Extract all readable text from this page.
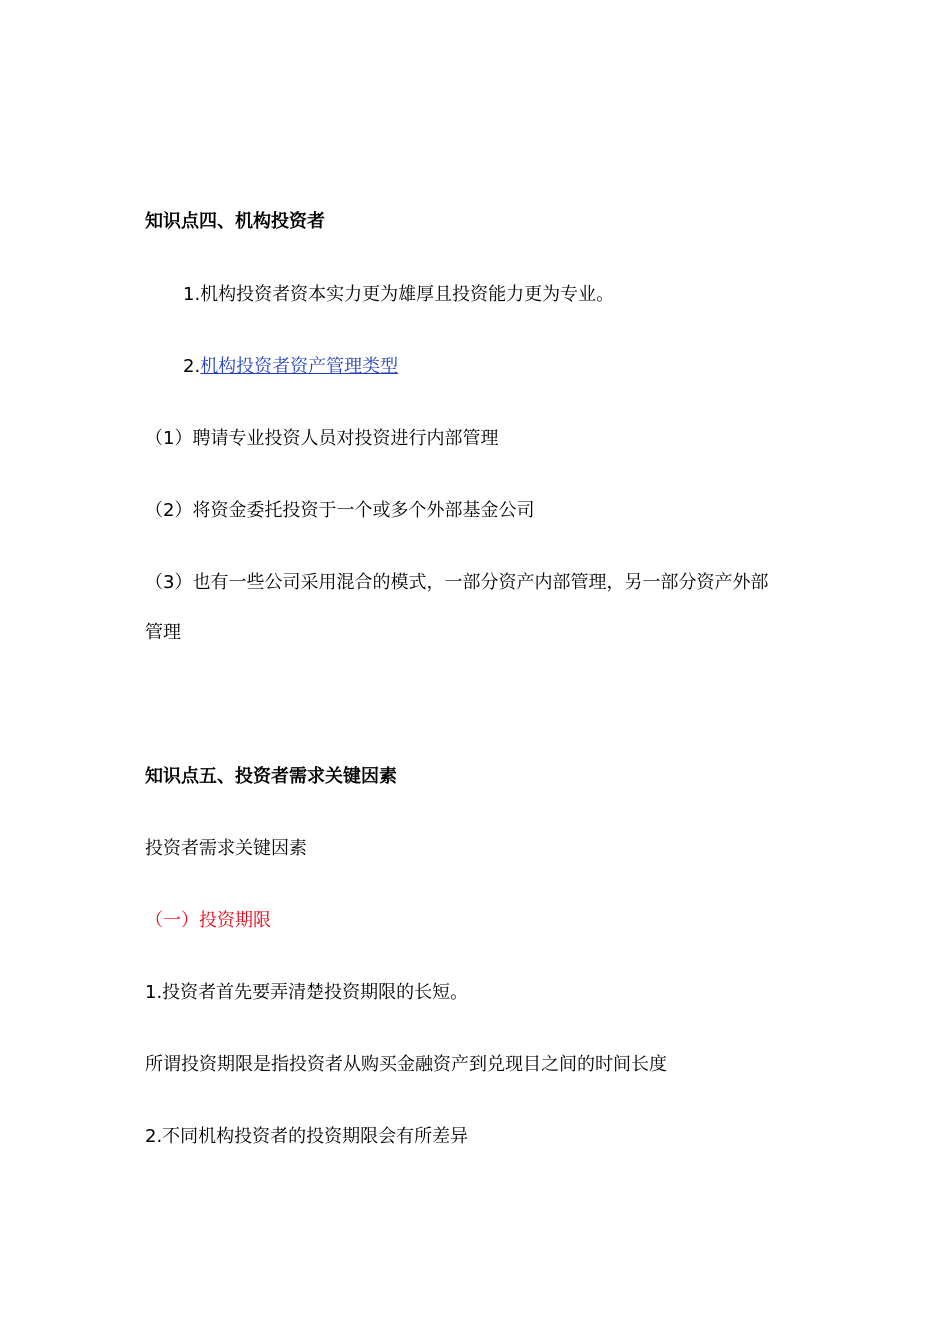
知识点四、机构投资者
1.机构投资者资本实力更为雄厚且投资能力更为专业。
2.机构投资者资产管理类型
（1）聘请专业投资人员对投资进行内部管理
（2）将资金委托投资于一个或多个外部基金公司
（3）也有一些公司采用混合的模式，一部分资产内部管理，另一部分资产外部
管理
知识点五、投资者需求关键因素
投资者需求关键因素
（一）投资期限
1.投资者首先要弄清楚投资期限的长短。
所谓投资期限是指投资者从购买金融资产到兑现目之间的时间长度
2.不同机构投资者的投资期限会有所差异
